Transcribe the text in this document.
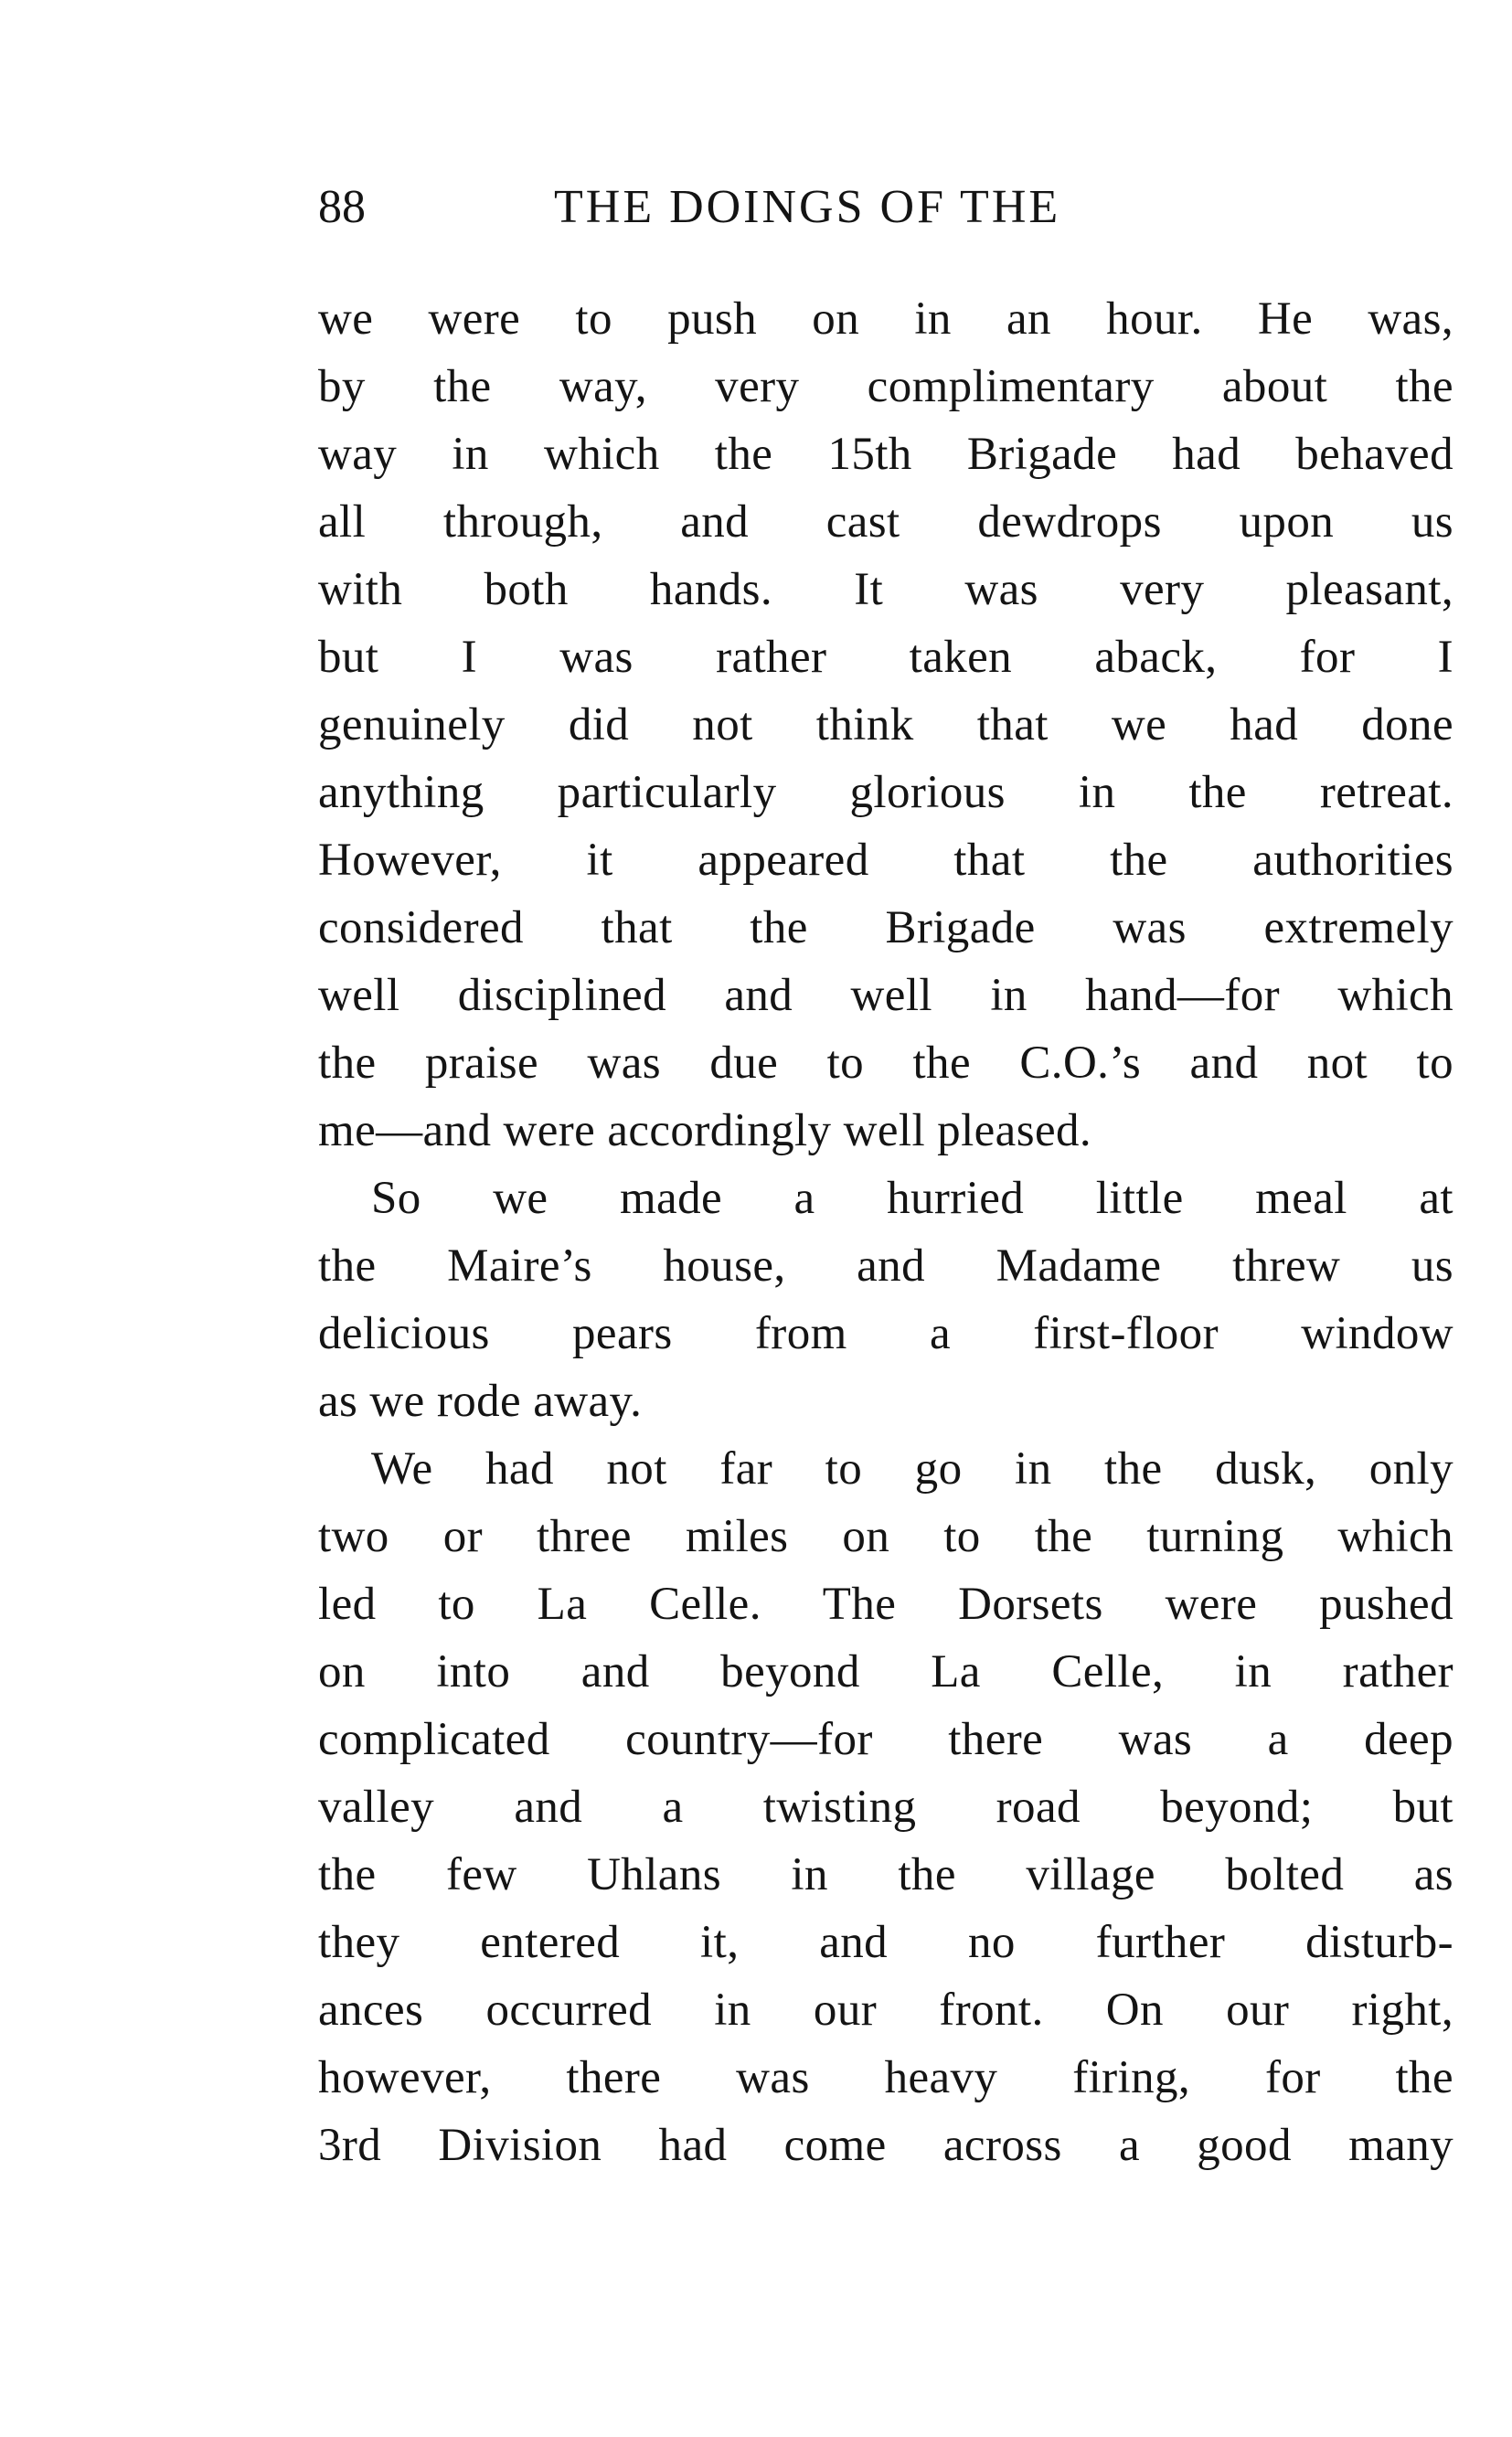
88	THE DOINGS OF THE
we were to push on in an hour. He was,
by the way, very complimentary about the
way in which the 15th Brigade had behaved
all through, and cast dewdrops upon us
with both hands. It was very pleasant,
but I was rather taken aback, for I
genuinely did not think that we had done
anything particularly glorious in the retreat.
However, it appeared that the authorities
considered that the Brigade was extremely
well disciplined and well in hand—for which
the praise was due to the C.O.’s and not to
me—and were accordingly well pleased.
So we made a hurried little meal at
the Maire’s house, and Madame threw us
delicious pears from a first-floor window
as we rode away.
We had not far to go in the dusk, only
two or three miles on to the turning which
led to La Celle. The Dorsets were pushed
on into and beyond La Celle, in rather
complicated country—for there was a deep
valley and a twisting road beyond; but
the few Uhlans in the village bolted as
they entered it, and no further disturb-
ances occurred in our front. On our right,
however, there was heavy firing, for the
3rd Division had come across a good many
